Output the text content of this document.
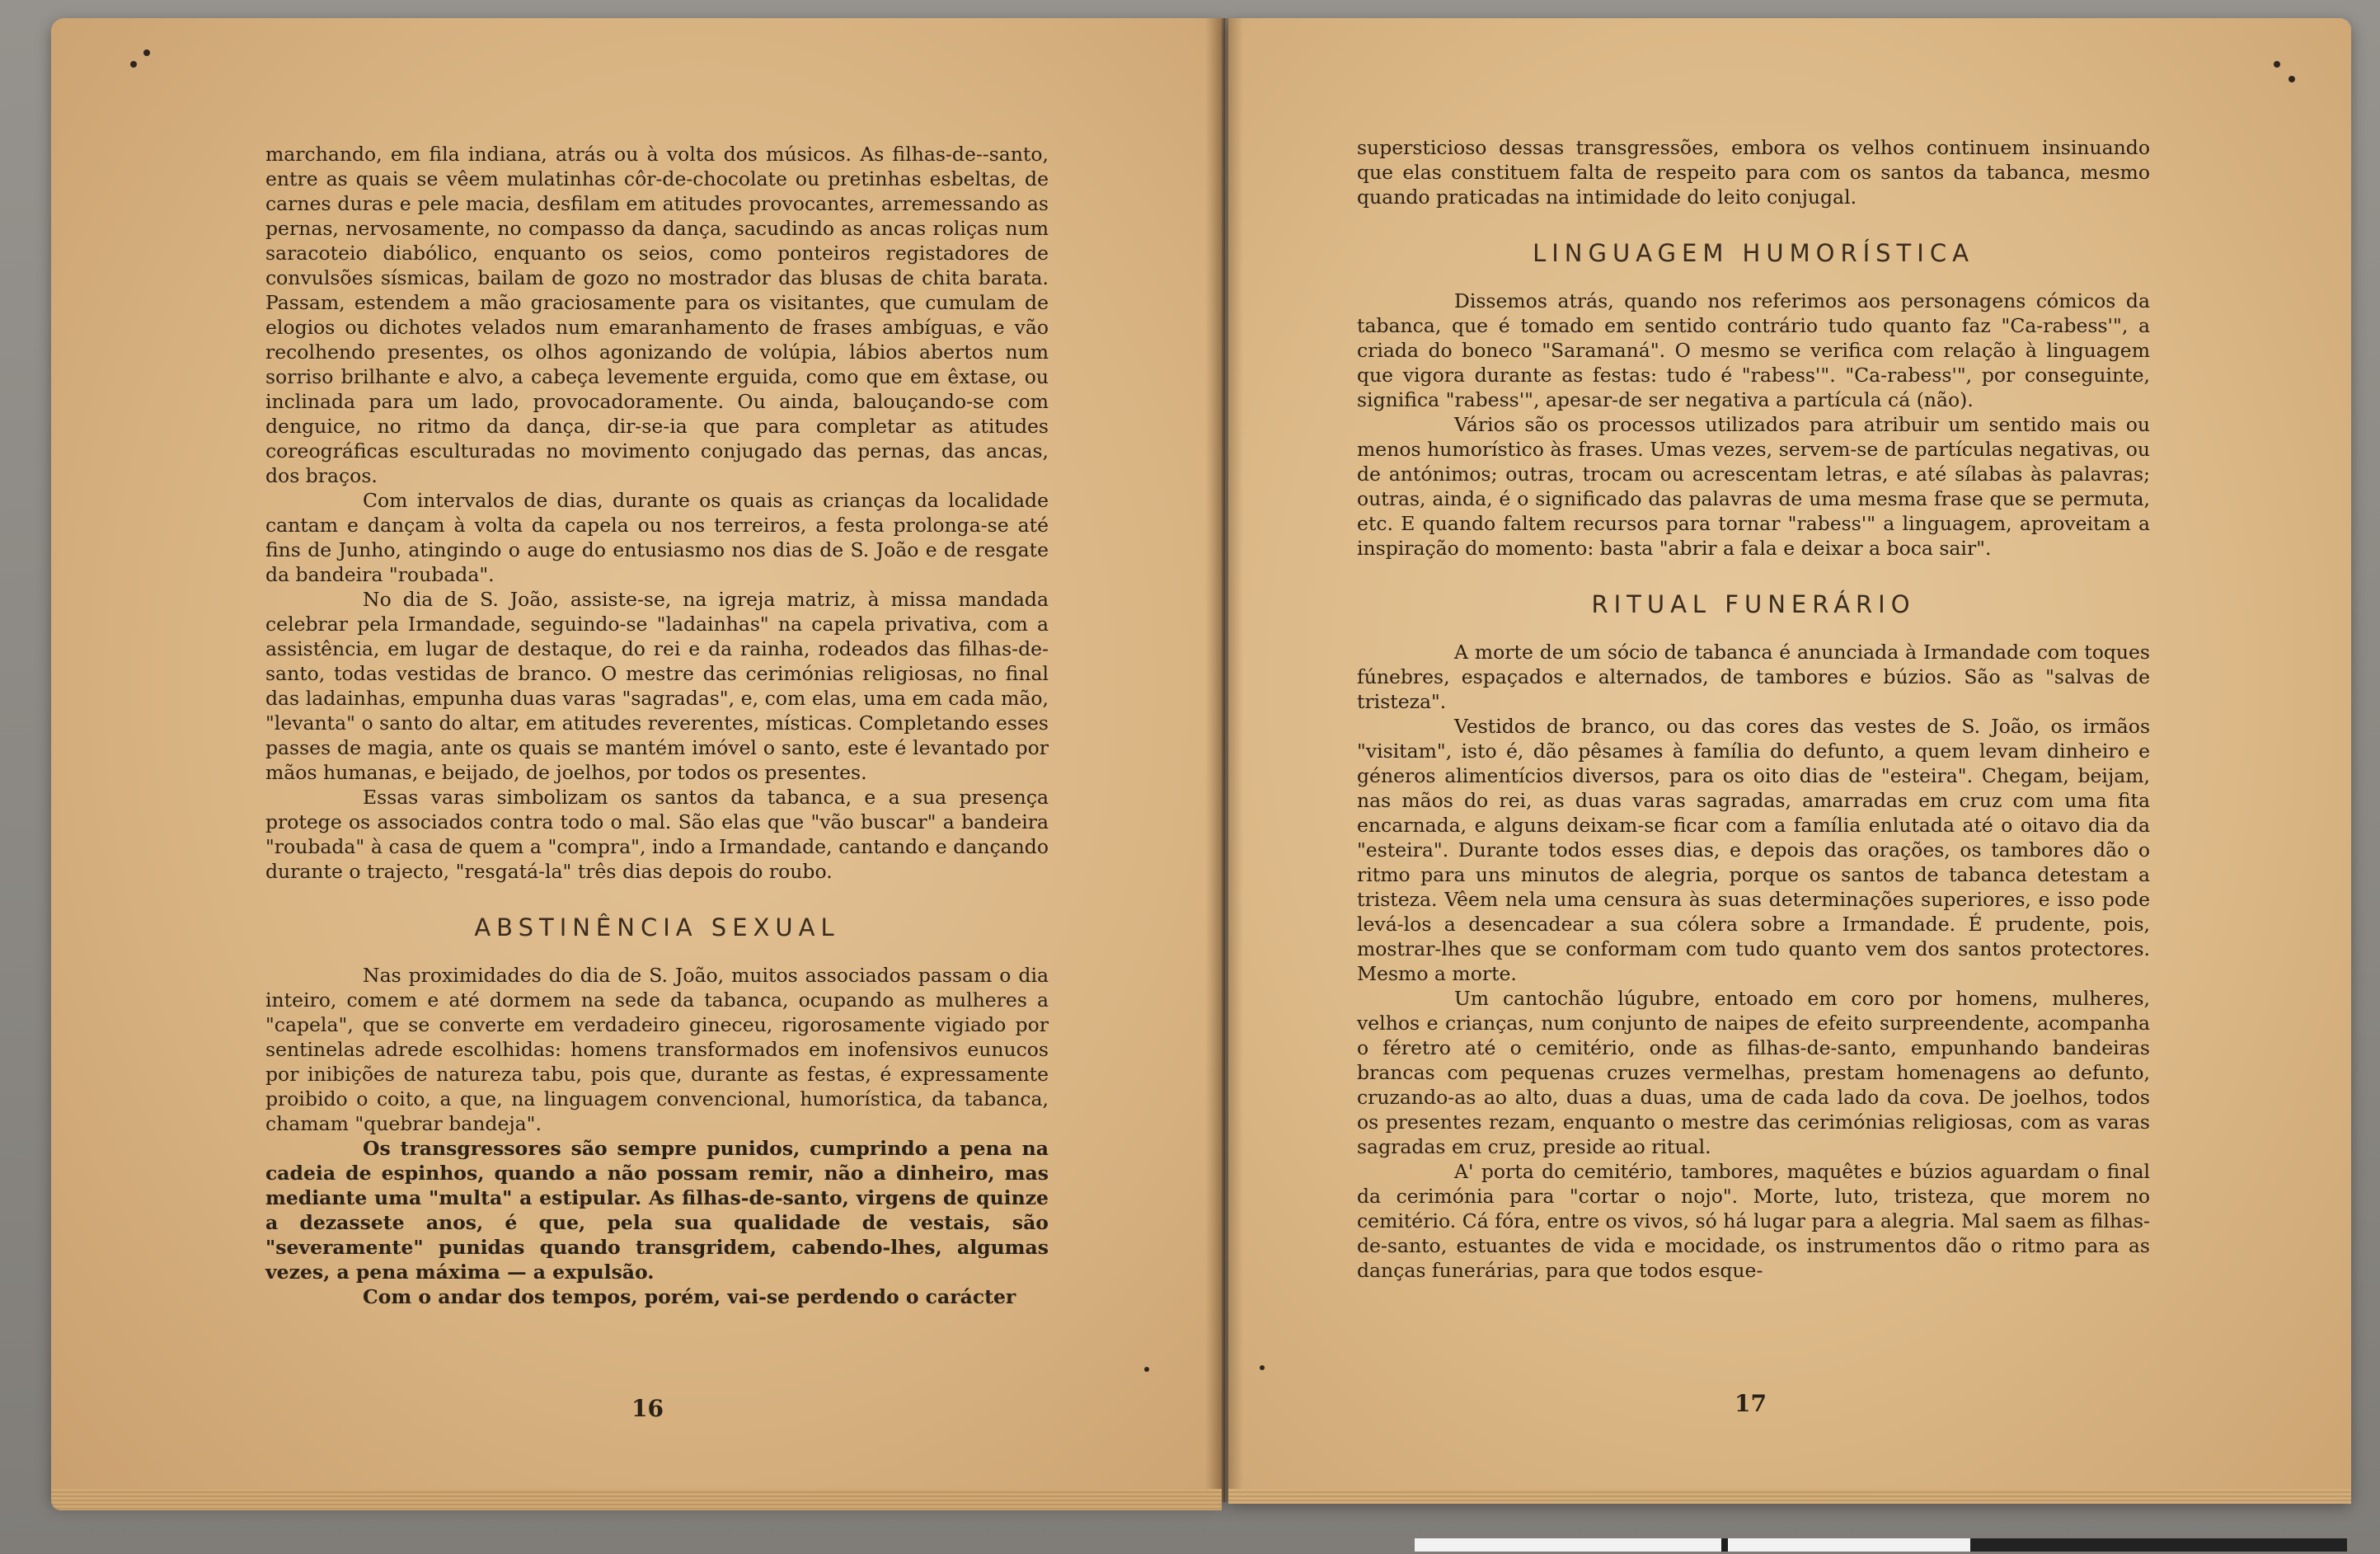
marchando, em fila indiana, atrás ou à volta dos músicos. As filhas-de--santo, entre as quais se vêem mulatinhas côr-de-chocolate ou pretinhas esbeltas, de carnes duras e pele macia, desfilam em atitudes provocantes, arremessando as pernas, nervosamente, no compasso da dança, sacudindo as ancas roliças num saracoteio diabólico, enquanto os seios, como ponteiros registadores de convulsões sísmicas, bailam de gozo no mostrador das blusas de chita barata. Passam, estendem a mão graciosamente para os visitantes, que cumulam de elogios ou dichotes velados num emaranhamento de frases ambíguas, e vão recolhendo presentes, os olhos agonizando de volúpia, lábios abertos num sorriso brilhante e alvo, a cabeça levemente erguida, como que em êxtase, ou inclinada para um lado, provocadoramente. Ou ainda, balouçando-se com denguice, no ritmo da dança, dir-se-ia que para completar as atitudes coreográficas esculturadas no movimento conjugado das pernas, das ancas, dos braços.

Com intervalos de dias, durante os quais as crianças da localidade cantam e dançam à volta da capela ou nos terreiros, a festa prolonga-se até fins de Junho, atingindo o auge do entusiasmo nos dias de S. João e de resgate da bandeira "roubada".

No dia de S. João, assiste-se, na igreja matriz, à missa mandada celebrar pela Irmandade, seguindo-se "ladainhas" na capela privativa, com a assistência, em lugar de destaque, do rei e da rainha, rodeados das filhas-de-santo, todas vestidas de branco. O mestre das cerimónias religiosas, no final das ladainhas, empunha duas varas "sagradas", e, com elas, uma em cada mão, "levanta" o santo do altar, em atitudes reverentes, místicas. Completando esses passes de magia, ante os quais se mantém imóvel o santo, este é levantado por mãos humanas, e beijado, de joelhos, por todos os presentes.

Essas varas simbolizam os santos da tabanca, e a sua presença protege os associados contra todo o mal. São elas que "vão buscar" a bandeira "roubada" à casa de quem a "compra", indo a Irmandade, cantando e dançando durante o trajecto, "resgatá-la" três dias depois do roubo.

ABSTINÊNCIA SEXUAL

Nas proximidades do dia de S. João, muitos associados passam o dia inteiro, comem e até dormem na sede da tabanca, ocupando as mulheres a "capela", que se converte em verdadeiro gineceu, rigorosamente vigiado por sentinelas adrede escolhidas: homens transformados em inofensivos eunucos por inibições de natureza tabu, pois que, durante as festas, é expressamente proibido o coito, a que, na linguagem convencional, humorística, da tabanca, chamam "quebrar bandeja".

Os transgressores são sempre punidos, cumprindo a pena na cadeia de espinhos, quando a não possam remir, não a dinheiro, mas mediante uma "multa" a estipular. As filhas-de-santo, virgens de quinze a dezassete anos, é que, pela sua qualidade de vestais, são "severamente" punidas quando transgridem, cabendo-lhes, algumas vezes, a pena máxima — a expulsão.

Com o andar dos tempos, porém, vai-se perdendo o carácter

16

supersticioso dessas transgressões, embora os velhos continuem insinuando que elas constituem falta de respeito para com os santos da tabanca, mesmo quando praticadas na intimidade do leito conjugal.

LINGUAGEM HUMORÍSTICA

Dissemos atrás, quando nos referimos aos personagens cómicos da tabanca, que é tomado em sentido contrário tudo quanto faz "Ca-rabess'", a criada do boneco "Saramaná". O mesmo se verifica com relação à linguagem que vigora durante as festas: tudo é "rabess'". "Ca-rabess'", por conseguinte, significa "rabess'", apesar-de ser negativa a partícula cá (não).

Vários são os processos utilizados para atribuir um sentido mais ou menos humorístico às frases. Umas vezes, servem-se de partículas negativas, ou de antónimos; outras, trocam ou acrescentam letras, e até sílabas às palavras; outras, ainda, é o significado das palavras de uma mesma frase que se permuta, etc. E quando faltem recursos para tornar "rabess'" a linguagem, aproveitam a inspiração do momento: basta "abrir a fala e deixar a boca sair".

RITUAL FUNERÁRIO

A morte de um sócio de tabanca é anunciada à Irmandade com toques fúnebres, espaçados e alternados, de tambores e búzios. São as "salvas de tristeza".

Vestidos de branco, ou das cores das vestes de S. João, os irmãos "visitam", isto é, dão pêsames à família do defunto, a quem levam dinheiro e géneros alimentícios diversos, para os oito dias de "esteira". Chegam, beijam, nas mãos do rei, as duas varas sagradas, amarradas em cruz com uma fita encarnada, e alguns deixam-se ficar com a família enlutada até o oitavo dia da "esteira". Durante todos esses dias, e depois das orações, os tambores dão o ritmo para uns minutos de alegria, porque os santos de tabanca detestam a tristeza. Vêem nela uma censura às suas determinações superiores, e isso pode levá-los a desencadear a sua cólera sobre a Irmandade. É prudente, pois, mostrar-lhes que se conformam com tudo quanto vem dos santos protectores. Mesmo a morte.

Um cantochão lúgubre, entoado em coro por homens, mulheres, velhos e crianças, num conjunto de naipes de efeito surpreendente, acompanha o féretro até o cemitério, onde as filhas-de-santo, empunhando bandeiras brancas com pequenas cruzes vermelhas, prestam homenagens ao defunto, cruzando-as ao alto, duas a duas, uma de cada lado da cova. De joelhos, todos os presentes rezam, enquanto o mestre das cerimónias religiosas, com as varas sagradas em cruz, preside ao ritual.

A' porta do cemitério, tambores, maquêtes e búzios aguardam o final da cerimónia para "cortar o nojo". Morte, luto, tristeza, que morem no cemitério. Cá fóra, entre os vivos, só há lugar para a alegria. Mal saem as filhas-de-santo, estuantes de vida e mocidade, os instrumentos dão o ritmo para as danças funerárias, para que todos esque-

17
